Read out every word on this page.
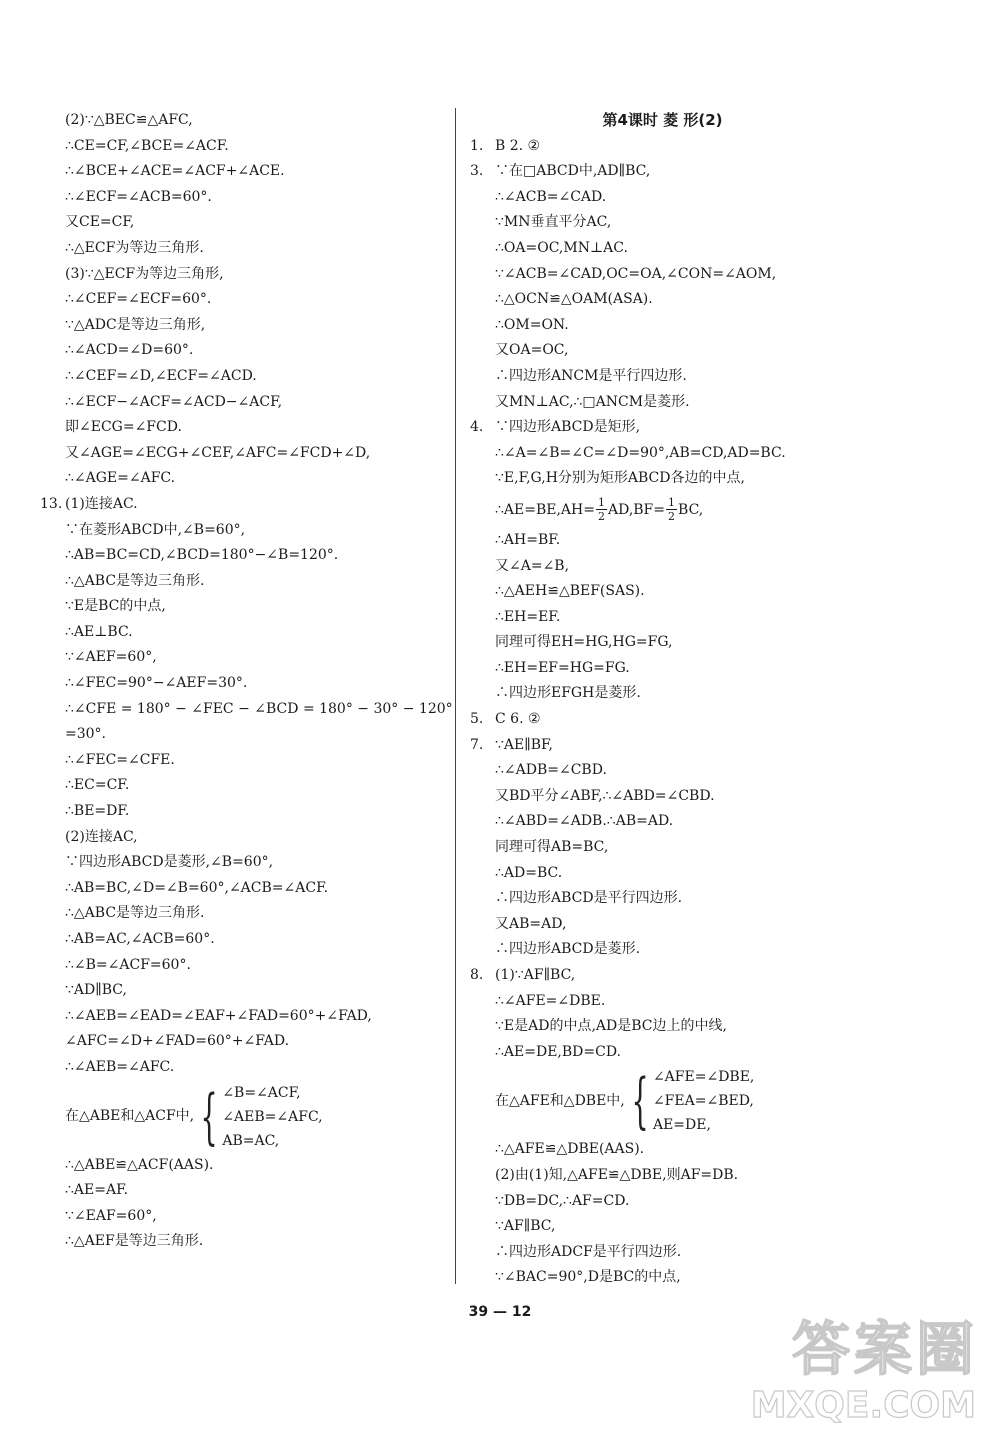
(2)∵△BEC≌△AFC,
∴CE=CF,∠BCE=∠ACF.
∴∠BCE+∠ACE=∠ACF+∠ACE.
∴∠ECF=∠ACB=60°.
又CE=CF,
∴△ECF为等边三角形.
(3)∵△ECF为等边三角形,
∴∠CEF=∠ECF=60°.
∵△ADC是等边三角形,
∴∠ACD=∠D=60°.
∴∠CEF=∠D,∠ECF=∠ACD.
∴∠ECF−∠ACF=∠ACD−∠ACF,
即∠ECG=∠FCD.
又∠AGE=∠ECG+∠CEF,∠AFC=∠FCD+∠D,
∴∠AGE=∠AFC.
13. (1)连接AC.
∵在菱形ABCD中,∠B=60°,
∴AB=BC=CD,∠BCD=180°−∠B=120°.
∴△ABC是等边三角形.
∵E是BC的中点,
∴AE⊥BC.
∵∠AEF=60°,
∴∠FEC=90°−∠AEF=30°.
∴∠CFE = 180° − ∠FEC − ∠BCD = 180° − 30° − 120°
=30°.
∴∠FEC=∠CFE.
∴EC=CF.
∴BE=DF.
(2)连接AC,
∵四边形ABCD是菱形,∠B=60°,
∴AB=BC,∠D=∠B=60°,∠ACB=∠ACF.
∴△ABC是等边三角形.
∴AB=AC,∠ACB=60°.
∴∠B=∠ACF=60°.
∵AD∥BC,
∴∠AEB=∠EAD=∠EAF+∠FAD=60°+∠FAD,
∠AFC=∠D+∠FAD=60°+∠FAD.
∴∠AEB=∠AFC.
在△ABE和△ACF中, { ∠B=∠ACF,
∠AEB=∠AFC,
AB=AC,
∴△ABE≌△ACF(AAS).
∴AE=AF.
∵∠EAF=60°,
∴△AEF是等边三角形.
第4课时 菱 形(2)
1. B 2. ②
3. ∵在□ABCD中,AD∥BC,
∴∠ACB=∠CAD.
∵MN垂直平分AC,
∴OA=OC,MN⊥AC.
∵∠ACB=∠CAD,OC=OA,∠CON=∠AOM,
∴△OCN≌△OAM(ASA).
∴OM=ON.
又OA=OC,
∴四边形ANCM是平行四边形.
又MN⊥AC,∴□ANCM是菱形.
4. ∵四边形ABCD是矩形,
∴∠A=∠B=∠C=∠D=90°,AB=CD,AD=BC.
∵E,F,G,H分别为矩形ABCD各边的中点,
∴AE=BE,AH= $\frac{1}{2} AD,BF= \frac{1}{2}$ BC,
∴AH=BF.
又∠A=∠B,
∴△AEH≌△BEF(SAS).
∴EH=EF.
同理可得EH=HG,HG=FG,
∴EH=EF=HG=FG.
∴四边形EFGH是菱形.
5. C 6. ②
7. ∵AE∥BF,
∴∠ADB=∠CBD.
又BD平分∠ABF,∴∠ABD=∠CBD.
∴∠ABD=∠ADB.∴AB=AD.
同理可得AB=BC,
∴AD=BC.
∴四边形ABCD是平行四边形.
又AB=AD,
∴四边形ABCD是菱形.
8. (1)∵AF∥BC,
∴∠AFE=∠DBE.
∵E是AD的中点,AD是BC边上的中线,
∴AE=DE,BD=CD.
在△AFE和△DBE中, { ∠AFE=∠DBE,
∠FEA=∠BED,
AE=DE,
∴△AFE≌△DBE(AAS).
(2)由(1)知,△AFE≌△DBE,则AF=DB.
∵DB=DC,∴AF=CD.
∵AF∥BC,
∴四边形ADCF是平行四边形.
∵∠BAC=90°,D是BC的中点,
39 — 12
答案圈
MXQE.COM
